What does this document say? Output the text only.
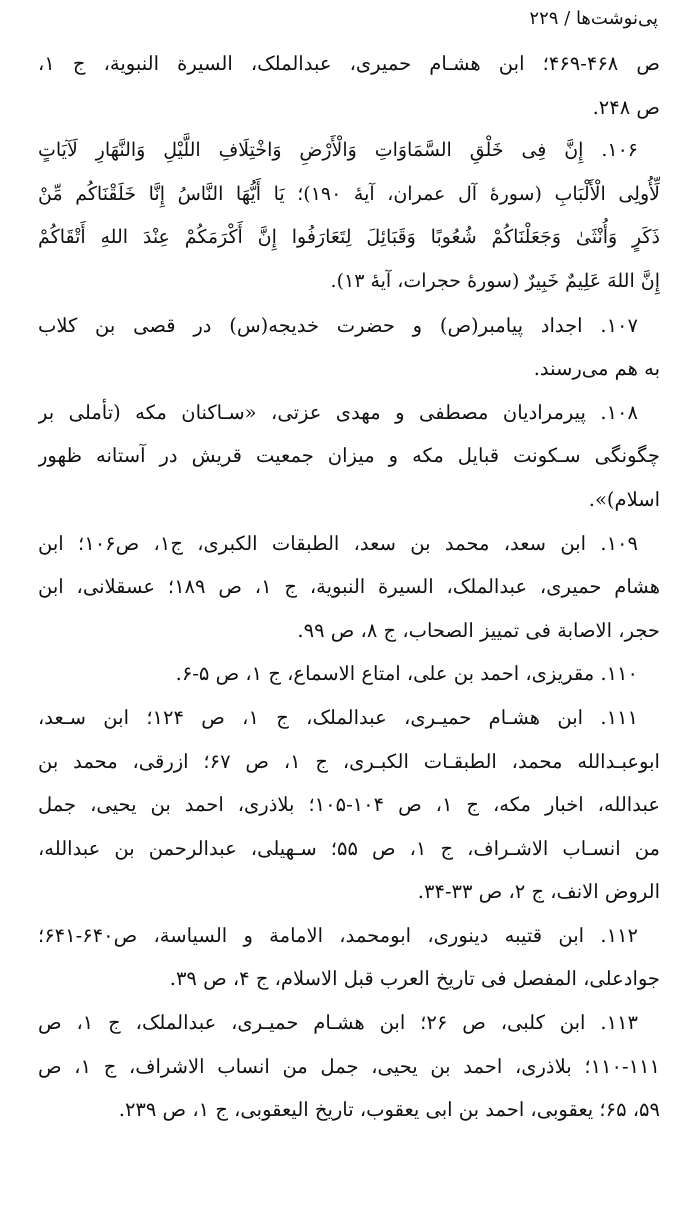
پی‌نوشت‌ها / ۲۲۹
ص ۴۶۸-۴۶۹؛ ابن هشـام حمیری، عبدالملک، السیرة النبویة، ج ۱،
ص ۲۴۸.
۱۰۶. إِنَّ فِی خَلْقِ السَّمَاوَاتِ وَالْأَرْضِ وَاخْتِلَافِ اللَّیْلِ وَالنَّهَارِ لَآیَاتٍ
لِّأُولِی الْأَلْبَابِ (سورهٔ آل عمران، آیهٔ ۱۹۰)؛ یَا أَیُّهَا النَّاسُ إِنَّا خَلَقْنَاکُم مِّنْ
ذَکَرٍ وَأُنْثَىٰ وَجَعَلْنَاکُمْ شُعُوبًا وَقَبَائِلَ لِتَعَارَفُوا إِنَّ أَکْرَمَکُمْ عِنْدَ اللهِ أَتْقَاکُمْ
إِنَّ اللهَ عَلِیمٌ خَبِیرٌ (سورهٔ حجرات، آیهٔ ۱۳).
۱۰۷. اجداد پیامبر(ص) و حضرت خدیجه(س) در قصی بن کلاب
به هم می‌رسند.
۱۰۸. پیرمرادیان مصطفی و مهدی عزتی، «سـاکنان مکه (تأملی بر
چگونگی سـکونت قبایل مکه و میزان جمعیت قریش در آستانه ظهور
اسلام)».
۱۰۹. ابن سعد، محمد بن سعد، الطبقات الکبری، ج۱، ص۱۰۶؛ ابن
هشام حمیری، عبدالملک، السیرة النبویة، ج ۱، ص ۱۸۹؛ عسقلانی، ابن
حجر، الاصابة فی تمییز الصحاب، ج ۸، ص ۹۹.
۱۱۰. مقریزی، احمد بن علی، امتاع الاسماع، ج ۱، ص ۵-۶.
۱۱۱. ابن هشـام حمیـری، عبدالملک، ج ۱، ص ۱۲۴؛ ابن سـعد،
ابوعبـدالله محمد، الطبقـات الکبـری، ج ۱، ص ۶۷؛ ازرقی، محمد بن
عبدالله، اخبار مکه، ج ۱، ص ۱۰۴-۱۰۵؛ بلاذری، احمد بن یحیی، جمل
من انسـاب الاشـراف، ج ۱، ص ۵۵؛ سـهیلی، عبدالرحمن بن عبدالله،
الروض الانف، ج ۲، ص ۳۳-۳۴.
۱۱۲. ابن قتیبه دینوری، ابومحمد، الامامة و السیاسة، ص۶۴۰-۶۴۱؛
جوادعلی، المفصل فی تاریخ العرب قبل الاسلام، ج ۴، ص ۳۹.
۱۱۳. ابن کلبی، ص ۲۶؛ ابن هشـام حمیـری، عبدالملک، ج ۱، ص
۱۱۰-۱۱۱؛ بلاذری، احمد بن یحیی، جمل من انساب الاشراف، ج ۱، ص
۵۹، ۶۵؛ یعقوبی، احمد بن ابی یعقوب، تاریخ الیعقوبی، ج ۱، ص ۲۳۹.
